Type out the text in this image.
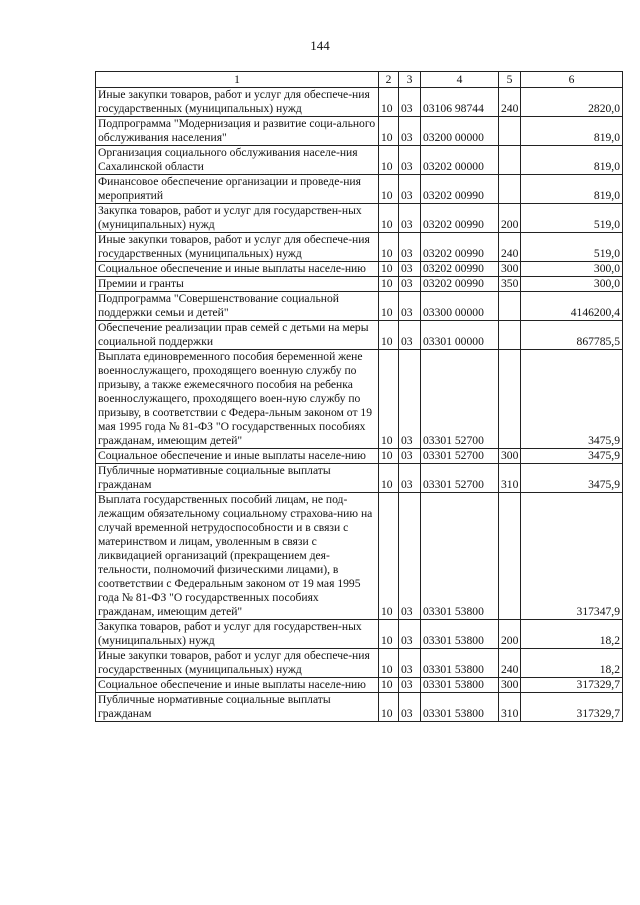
144
1	2	3	4	5	6
Иные закупки товаров, работ и услуг для обеспече-ния государственных (муниципальных) нужд	10	03	03106 98744	240	2820,0
Подпрограмма "Модернизация и развитие соци-ального обслуживания населения"	10	03	03200 00000		819,0
Организация социального обслуживания населе-ния Сахалинской области	10	03	03202 00000		819,0
Финансовое обеспечение организации и проведе-ния мероприятий	10	03	03202 00990		819,0
Закупка товаров, работ и услуг для государствен-ных (муниципальных) нужд	10	03	03202 00990	200	519,0
Иные закупки товаров, работ и услуг для обеспече-ния государственных (муниципальных) нужд	10	03	03202 00990	240	519,0
Социальное обеспечение и иные выплаты населе-нию	10	03	03202 00990	300	300,0
Премии и гранты	10	03	03202 00990	350	300,0
Подпрограмма "Совершенствование социальной поддержки семьи и детей"	10	03	03300 00000		4146200,4
Обеспечение реализации прав семей с детьми на меры социальной поддержки	10	03	03301 00000		867785,5
Выплата единовременного пособия беременной жене военнослужащего, проходящего военную службу по призыву, а также ежемесячного пособия на ребенка военнослужащего, проходящего воен-ную службу по призыву, в соответствии с Федера-льным законом от 19 мая 1995 года № 81-ФЗ "О государственных пособиях гражданам, имеющим детей"	10	03	03301 52700		3475,9
Социальное обеспечение и иные выплаты населе-нию	10	03	03301 52700	300	3475,9
Публичные нормативные социальные выплаты гражданам	10	03	03301 52700	310	3475,9
Выплата государственных пособий лицам, не под-лежащим обязательному социальному страхова-нию на случай временной нетрудоспособности и в связи с материнством и лицам, уволенным в связи с ликвидацией организаций (прекращением дея-тельности, полномочий физическими лицами), в соответствии с Федеральным законом от 19 мая 1995 года № 81-ФЗ "О государственных пособиях гражданам, имеющим детей"	10	03	03301 53800		317347,9
Закупка товаров, работ и услуг для государствен-ных (муниципальных) нужд	10	03	03301 53800	200	18,2
Иные закупки товаров, работ и услуг для обеспече-ния государственных (муниципальных) нужд	10	03	03301 53800	240	18,2
Социальное обеспечение и иные выплаты населе-нию	10	03	03301 53800	300	317329,7
Публичные нормативные социальные выплаты гражданам	10	03	03301 53800	310	317329,7
